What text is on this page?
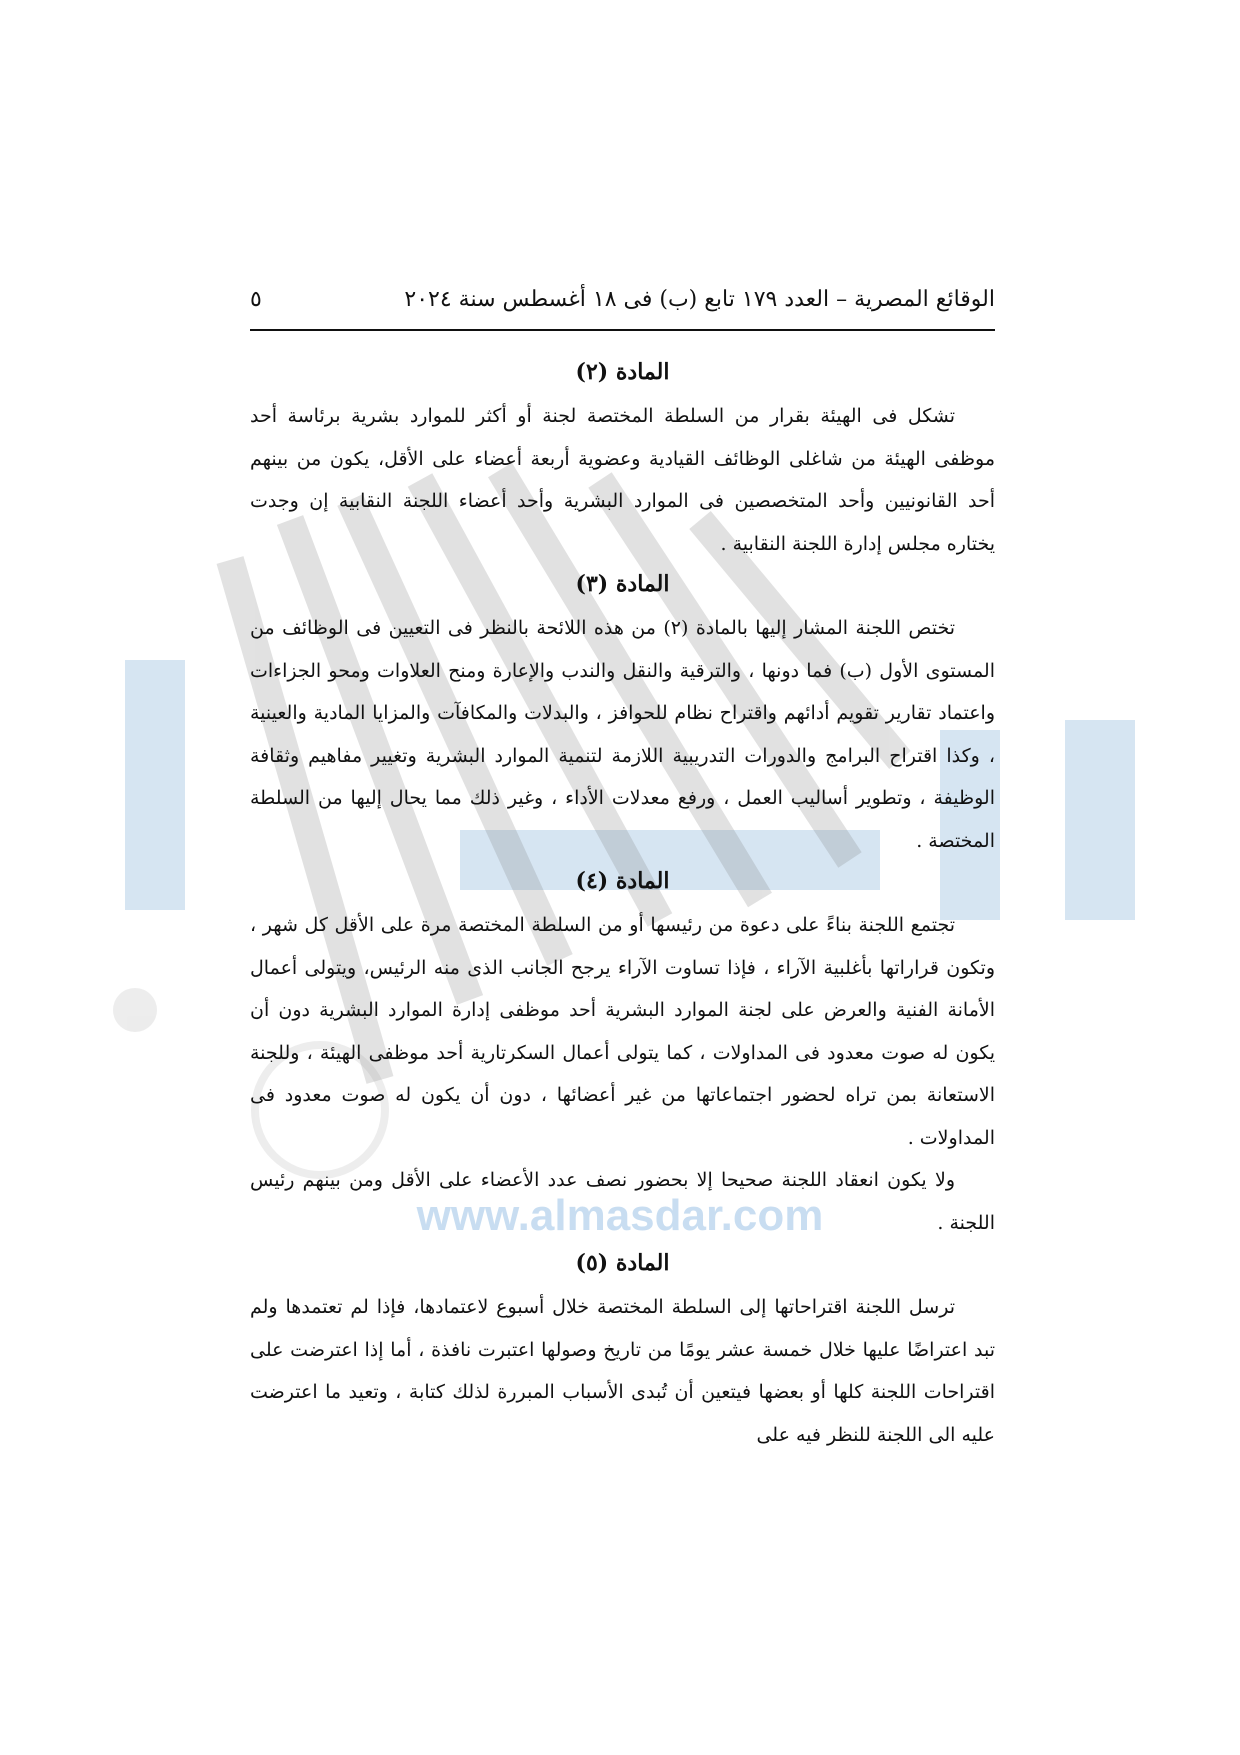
www.almasdar.com
الوقائع المصرية – العدد ١٧٩ تابع (ب) فى ١٨ أغسطس سنة ٢٠٢٤
٥
المادة (٢)

تشكل فى الهيئة بقرار من السلطة المختصة لجنة أو أكثر للموارد بشرية برئاسة أحد موظفى الهيئة من شاغلى الوظائف القيادية وعضوية أربعة أعضاء على الأقل، يكون من بينهم أحد القانونيين وأحد المتخصصين فى الموارد البشرية وأحد أعضاء اللجنة النقابية إن وجدت يختاره مجلس إدارة اللجنة النقابية .

المادة (٣)

تختص اللجنة المشار إليها بالمادة (٢) من هذه اللائحة بالنظر فى التعيين فى الوظائف من المستوى الأول (ب) فما دونها ، والترقية والنقل والندب والإعارة ومنح العلاوات ومحو الجزاءات واعتماد تقارير تقويم أدائهم واقتراح نظام للحوافز ، والبدلات والمكافآت والمزايا المادية والعينية ، وكذا اقتراح البرامج والدورات التدريبية اللازمة لتنمية الموارد البشرية وتغيير مفاهيم وثقافة الوظيفة ، وتطوير أساليب العمل ، ورفع معدلات الأداء ، وغير ذلك مما يحال إليها من السلطة المختصة .

المادة (٤)

تجتمع اللجنة بناءً على دعوة من رئيسها أو من السلطة المختصة مرة على الأقل كل شهر ، وتكون قراراتها بأغلبية الآراء ، فإذا تساوت الآراء يرجح الجانب الذى منه الرئيس، ويتولى أعمال الأمانة الفنية والعرض على لجنة الموارد البشرية أحد موظفى إدارة الموارد البشرية دون أن يكون له صوت معدود فى المداولات ، كما يتولى أعمال السكرتارية أحد موظفى الهيئة ، وللجنة الاستعانة بمن تراه لحضور اجتماعاتها من غير أعضائها ، دون أن يكون له صوت معدود فى المداولات .

ولا يكون انعقاد اللجنة صحيحا إلا بحضور نصف عدد الأعضاء على الأقل ومن بينهم رئيس اللجنة .

المادة (٥)

ترسل اللجنة اقتراحاتها إلى السلطة المختصة خلال أسبوع لاعتمادها، فإذا لم تعتمدها ولم تبد اعتراضًا عليها خلال خمسة عشر يومًا من تاريخ وصولها اعتبرت نافذة ، أما إذا اعترضت على اقتراحات اللجنة كلها أو بعضها فيتعين أن تُبدى الأسباب المبررة لذلك كتابة ، وتعيد ما اعترضت عليه الى اللجنة للنظر فيه على
